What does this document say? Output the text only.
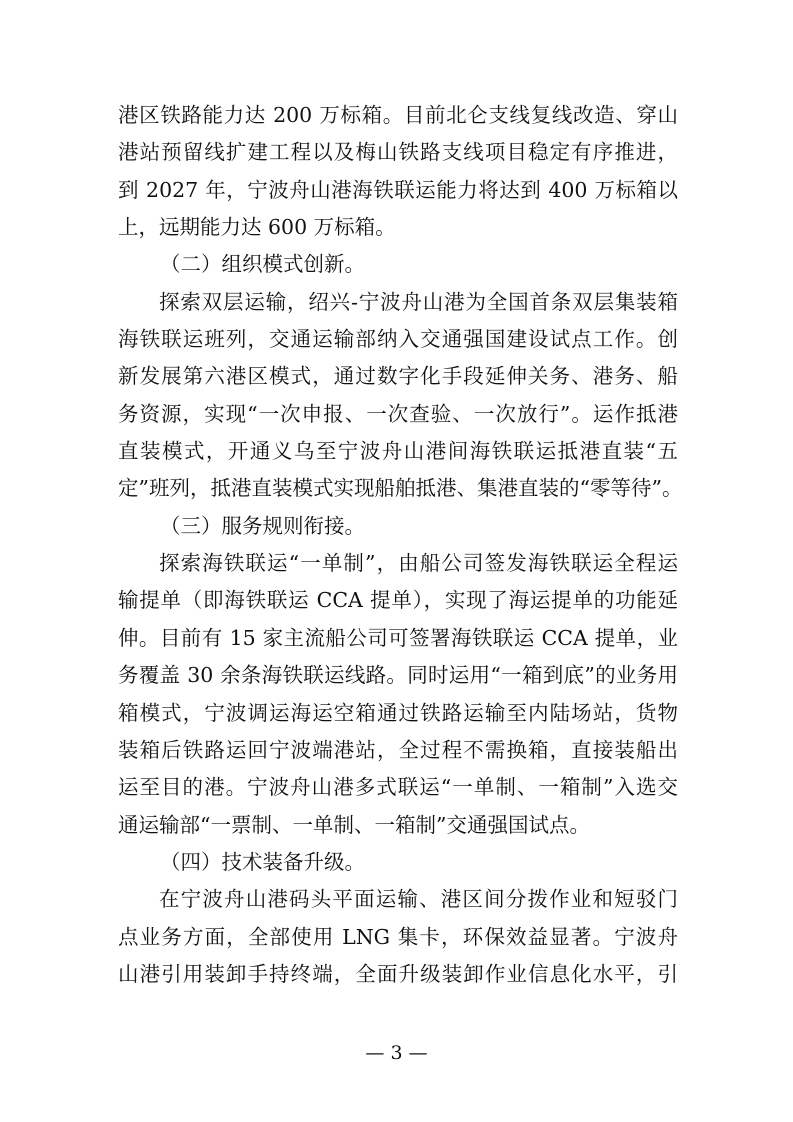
港区铁路能力达 200 万标箱。目前北仑支线复线改造、穿山
港站预留线扩建工程以及梅山铁路支线项目稳定有序推进，
到 2027 年，宁波舟山港海铁联运能力将达到 400 万标箱以
上，远期能力达 600 万标箱。
（二）组织模式创新。
探索双层运输，绍兴-宁波舟山港为全国首条双层集装箱
海铁联运班列，交通运输部纳入交通强国建设试点工作。创
新发展第六港区模式，通过数字化手段延伸关务、港务、船
务资源，实现“一次申报、一次查验、一次放行”。运作抵港
直装模式，开通义乌至宁波舟山港间海铁联运抵港直装“五
定”班列，抵港直装模式实现船舶抵港、集港直装的“零等待”。
（三）服务规则衔接。
探索海铁联运“一单制”，由船公司签发海铁联运全程运
输提单（即海铁联运 CCA 提单），实现了海运提单的功能延
伸。目前有 15 家主流船公司可签署海铁联运 CCA 提单，业
务覆盖 30 余条海铁联运线路。同时运用“一箱到底”的业务用
箱模式，宁波调运海运空箱通过铁路运输至内陆场站，货物
装箱后铁路运回宁波端港站，全过程不需换箱，直接装船出
运至目的港。宁波舟山港多式联运“一单制、一箱制”入选交
通运输部“一票制、一单制、一箱制”交通强国试点。
（四）技术装备升级。
在宁波舟山港码头平面运输、港区间分拨作业和短驳门
点业务方面，全部使用 LNG 集卡，环保效益显著。宁波舟
山港引用装卸手持终端，全面升级装卸作业信息化水平，引
— 3 —
